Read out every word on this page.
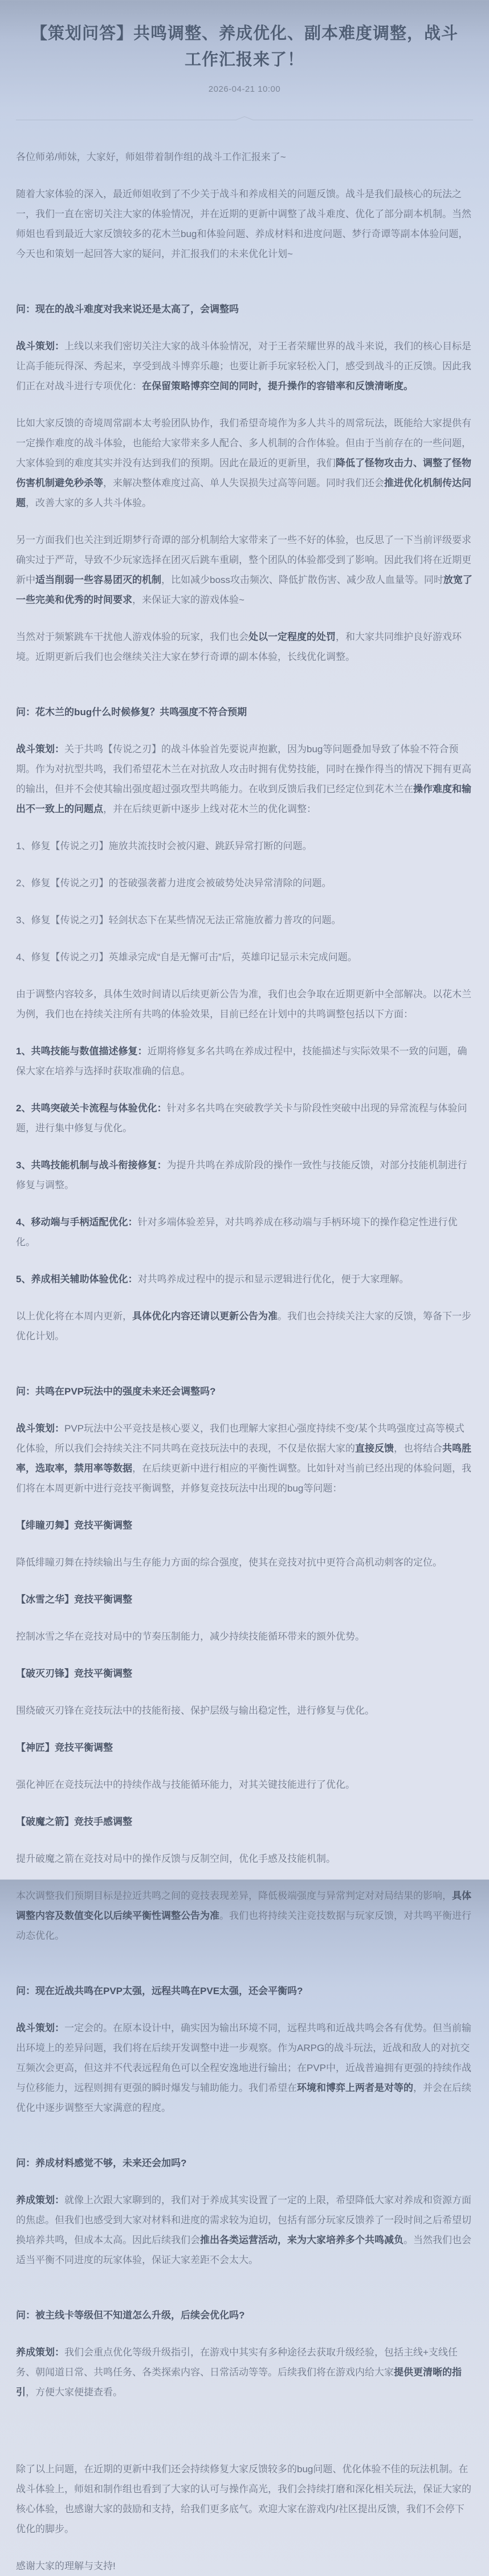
【策划问答】共鸣调整、养成优化、副本难度调整，战斗工作汇报来了！
2026-04-21 10:00
各位师弟/师妹，大家好，师姐带着制作组的战斗工作汇报来了~
随着大家体验的深入，最近师姐收到了不少关于战斗和养成相关的问题反馈。战斗是我们最核心的玩法之一，我们一直在密切关注大家的体验情况，并在近期的更新中调整了战斗难度、优化了部分副本机制。当然师姐也看到最近大家反馈较多的花木兰bug和体验问题、养成材料和进度问题、梦行奇谭等副本体验问题，今天也和策划一起回答大家的疑问，并汇报我们的未来优化计划~
问：现在的战斗难度对我来说还是太高了，会调整吗
战斗策划：上线以来我们密切关注大家的战斗体验情况，对于王者荣耀世界的战斗来说，我们的核心目标是让高手能玩得深、秀起来，享受到战斗博弈乐趣；也要让新手玩家轻松入门，感受到战斗的正反馈。因此我们正在对战斗进行专项优化：在保留策略博弈空间的同时，提升操作的容错率和反馈清晰度。
比如大家反馈的奇境周常副本太考验团队协作，我们希望奇境作为多人共斗的周常玩法，既能给大家提供有一定操作难度的战斗体验，也能给大家带来多人配合、多人机制的合作体验。但由于当前存在的一些问题，大家体验到的难度其实并没有达到我们的预期。因此在最近的更新里，我们降低了怪物攻击力、调整了怪物伤害机制避免秒杀等，来解决整体难度过高、单人失误损失过高等问题。同时我们还会推进优化机制传达问题，改善大家的多人共斗体验。
另一方面我们也关注到近期梦行奇谭的部分机制给大家带来了一些不好的体验，也反思了一下当前评级要求确实过于严苛，导致不少玩家选择在团灭后跳车重刷，整个团队的体验都受到了影响。因此我们将在近期更新中适当削弱一些容易团灭的机制，比如减少boss攻击频次、降低扩散伤害、减少敌人血量等。同时放宽了一些完美和优秀的时间要求，来保证大家的游戏体验~
当然对于频繁跳车干扰他人游戏体验的玩家，我们也会处以一定程度的处罚，和大家共同维护良好游戏环境。近期更新后我们也会继续关注大家在梦行奇谭的副本体验，长线优化调整。
问：花木兰的bug什么时候修复？共鸣强度不符合预期
战斗策划：关于共鸣【传说之刃】的战斗体验首先要说声抱歉，因为bug等问题叠加导致了体验不符合预期。作为对抗型共鸣，我们希望花木兰在对抗敌人攻击时拥有优势技能，同时在操作得当的情况下拥有更高的输出，但并不会使其输出强度超过强攻型共鸣能力。在收到反馈后我们已经定位到花木兰在操作难度和输出不一致上的问题点，并在后续更新中逐步上线对花木兰的优化调整：
1、修复【传说之刃】施放共流技时会被闪避、跳跃异常打断的问题。
2、修复【传说之刃】的苍破强袭蓄力进度会被破势处决异常清除的问题。
3、修复【传说之刃】轻剑状态下在某些情况无法正常施放蓄力普攻的问题。
4、修复【传说之刃】英雄录完成“自是无懈可击”后，英雄印记显示未完成问题。
由于调整内容较多，具体生效时间请以后续更新公告为准，我们也会争取在近期更新中全部解决。以花木兰为例，我们也在持续关注所有共鸣的体验效果，目前已经在计划中的共鸣调整包括以下方面：
1、共鸣技能与数值描述修复：近期将修复多名共鸣在养成过程中，技能描述与实际效果不一致的问题，确保大家在培养与选择时获取准确的信息。
2、共鸣突破关卡流程与体验优化：针对多名共鸣在突破教学关卡与阶段性突破中出现的异常流程与体验问题，进行集中修复与优化。
3、共鸣技能机制与战斗衔接修复：为提升共鸣在养成阶段的操作一致性与技能反馈，对部分技能机制进行修复与调整。
4、移动端与手柄适配优化：针对多端体验差异，对共鸣养成在移动端与手柄环境下的操作稳定性进行优化。
5、养成相关辅助体验优化：对共鸣养成过程中的提示和显示逻辑进行优化，便于大家理解。
以上优化将在本周内更新，具体优化内容还请以更新公告为准。我们也会持续关注大家的反馈，筹备下一步优化计划。
问：共鸣在PVP玩法中的强度未来还会调整吗?
战斗策划：PVP玩法中公平竞技是核心要义，我们也理解大家担心强度持续不变/某个共鸣强度过高等模式化体验，所以我们会持续关注不同共鸣在竞技玩法中的表现，不仅是依据大家的直接反馈，也将结合共鸣胜率，选取率，禁用率等数据，在后续更新中进行相应的平衡性调整。比如针对当前已经出现的体验问题，我们将在本周更新中进行竞技平衡调整，并修复竞技玩法中出现的bug等问题：
【绯瞳刃舞】竞技平衡调整
降低绯瞳刃舞在持续输出与生存能力方面的综合强度，使其在竞技对抗中更符合高机动刺客的定位。
【冰雪之华】竞技平衡调整
控制冰雪之华在竞技对局中的节奏压制能力，减少持续技能循环带来的额外优势。
【破灭刃锋】竞技平衡调整
围绕破灭刃锋在竞技玩法中的技能衔接、保护层级与输出稳定性，进行修复与优化。
【神匠】竞技平衡调整
强化神匠在竞技玩法中的持续作战与技能循环能力，对其关键技能进行了优化。
【破魔之箭】竞技手感调整
提升破魔之箭在竞技对局中的操作反馈与反制空间，优化手感及技能机制。
本次调整我们预期目标是拉近共鸣之间的竞技表现差异，降低极端强度与异常判定对对局结果的影响，具体调整内容及数值变化以后续平衡性调整公告为准。我们也将持续关注竞技数据与玩家反馈，对共鸣平衡进行动态优化。
问：现在近战共鸣在PVP太强，远程共鸣在PVE太强，还会平衡吗?
战斗策划：一定会的。在原本设计中，确实因为输出环境不同，远程共鸣和近战共鸣会各有优势。但当前输出环境上的差异问题，我们将在后续开发调整中进一步观察。作为ARPG的战斗玩法，近战和敌人的对抗交互频次会更高，但这并不代表远程角色可以全程安逸地进行输出；在PVP中，近战普遍拥有更强的持续作战与位移能力，远程则拥有更强的瞬时爆发与辅助能力。我们希望在环境和博弈上两者是对等的，并会在后续优化中逐步调整至大家满意的程度。
问：养成材料感觉不够，未来还会加吗?
养成策划：就像上次跟大家聊到的，我们对于养成其实设置了一定的上限，希望降低大家对养成和资源方面的焦虑。但我们也感受到大家对材料和进度的需求较为迫切，包括有部分玩家反馈养了一段时间之后希望切换培养共鸣，但成本太高。因此后续我们会推出各类运营活动，来为大家培养多个共鸣减负。当然我们也会适当平衡不同进度的玩家体验，保证大家差距不会太大。
问：被主线卡等级但不知道怎么升级，后续会优化吗?
养成策划：我们会重点优化等级升级指引，在游戏中其实有多种途径去获取升级经验，包括主线+支线任务、朝闻道日常、共鸣任务、各类探索内容、日常活动等等。后续我们将在游戏内给大家提供更清晰的指引，方便大家便捷查看。
除了以上问题，在近期的更新中我们还会持续修复大家反馈较多的bug问题、优化体验不佳的玩法机制。在战斗体验上，师姐和制作组也看到了大家的认可与操作高光，我们会持续打磨和深化相关玩法，保证大家的核心体验，也感谢大家的鼓励和支持，给我们更多底气。欢迎大家在游戏内/社区提出反馈，我们不会停下优化的脚步。
感谢大家的理解与支持!
